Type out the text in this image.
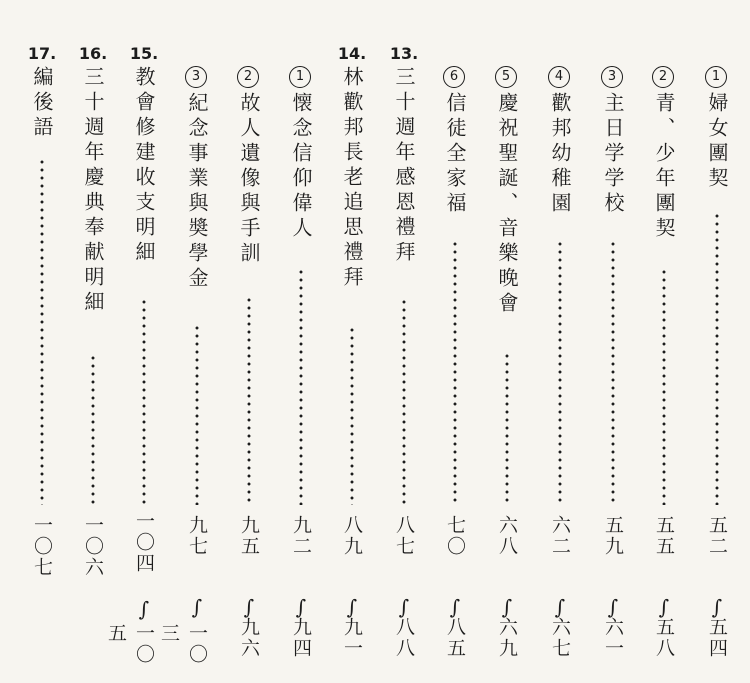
17.
編後語
一〇七
16.
三十週年慶典奉献明細
一〇六
15.
教會修建收支明細
一〇四
∫
一〇五
3
紀念事業與奬學金
九七
∫
一〇三
2
故人遺像與手訓
九五
∫
九六
1
懐念信仰偉人
九二
∫
九四
14.
林歡邦長老追思禮拜
八九
∫
九一
13.
三十週年感恩禮拜
八七
∫
八八
6
信徒全家福
七〇
∫
八五
5
慶祝聖誕、音樂晚會
六八
∫
六九
4
歡邦幼稚園
六二
∫
六七
3
主日学学校
五九
∫
六一
2
青、少年團契
五五
∫
五八
1
婦女團契
五二
∫
五四
